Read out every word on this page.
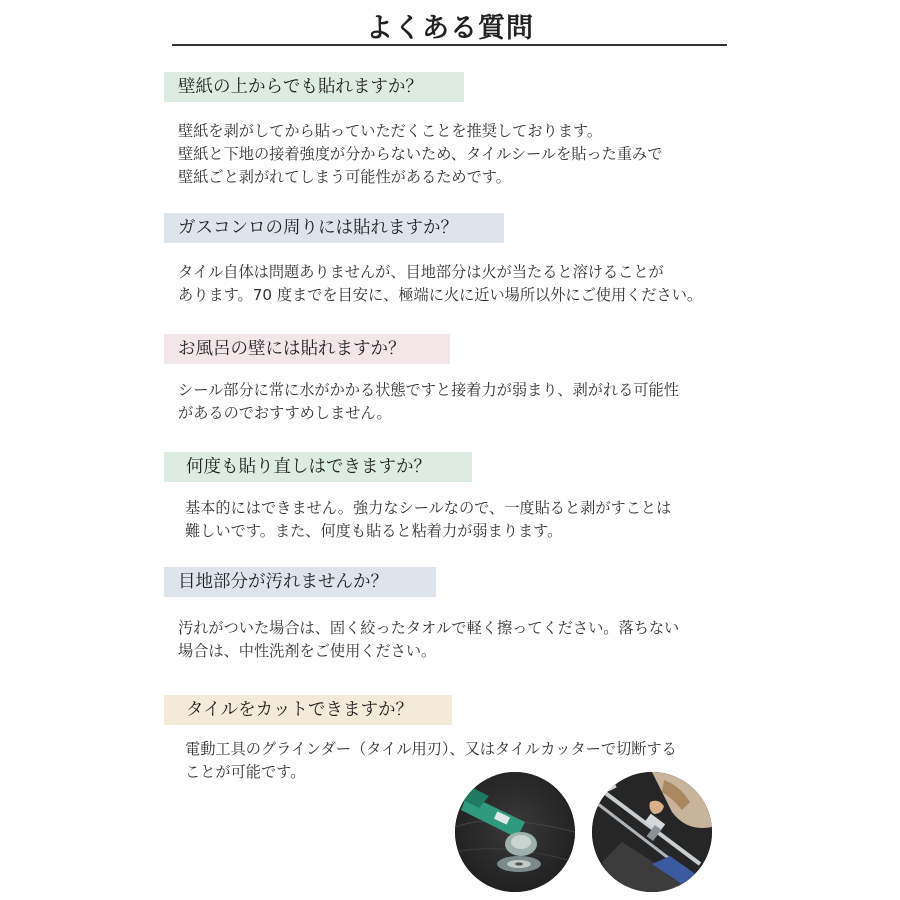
よくある質問
壁紙の上からでも貼れますか？
壁紙を剥がしてから貼っていただくことを推奨しております。
壁紙と下地の接着強度が分からないため、タイルシールを貼った重みで
壁紙ごと剥がれてしまう可能性があるためです。
ガスコンロの周りには貼れますか？
タイル自体は問題ありませんが、目地部分は火が当たると溶けることが
あります。70 度までを目安に、極端に火に近い場所以外にご使用ください。
お風呂の壁には貼れますか？
シール部分に常に水がかかる状態ですと接着力が弱まり、剥がれる可能性
があるのでおすすめしません。
何度も貼り直しはできますか？
基本的にはできません。強力なシールなので、一度貼ると剥がすことは
難しいです。また、何度も貼ると粘着力が弱まります。
目地部分が汚れませんか？
汚れがついた場合は、固く絞ったタオルで軽く擦ってください。落ちない
場合は、中性洗剤をご使用ください。
タイルをカットできますか？
電動工具のグラインダー（タイル用刃）、又はタイルカッターで切断する
ことが可能です。
